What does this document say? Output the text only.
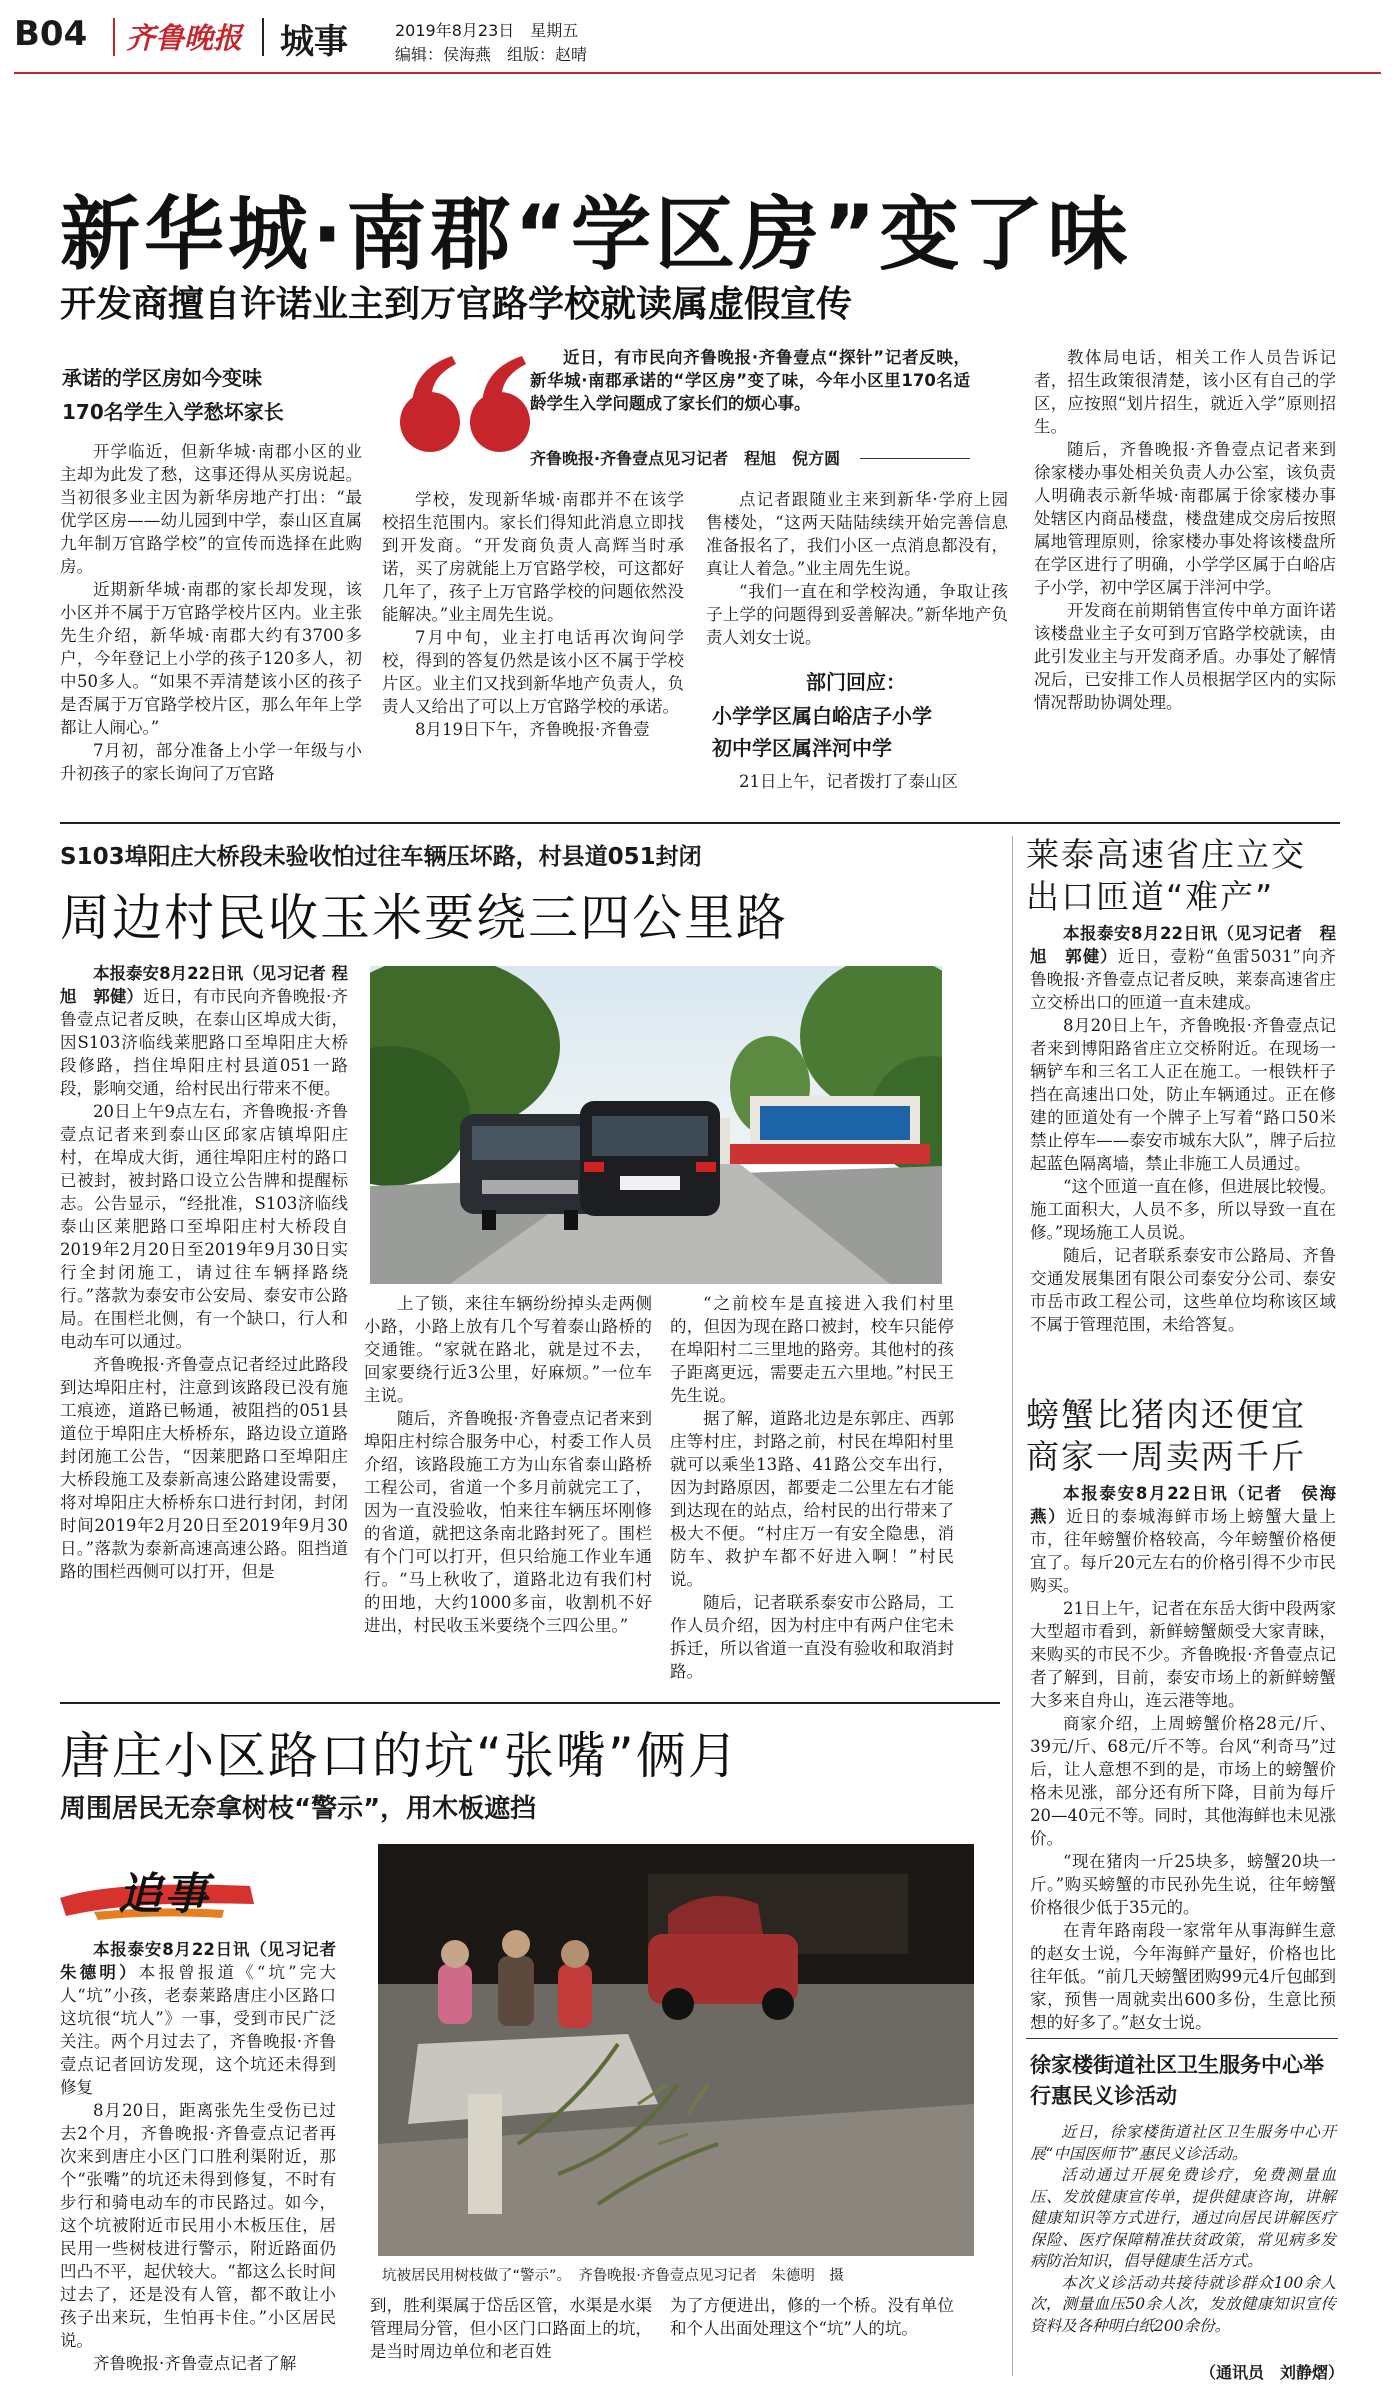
B04 齐鲁晚报 城事	2019年8月23日　星期五
编辑：侯海燕　组版：赵晴
新华城·南郡“学区房”变了味
开发商擅自许诺业主到万官路学校就读属虚假宣传
承诺的学区房如今变味
170名学生入学愁坏家长
近日，有市民向齐鲁晚报·齐鲁壹点“探针”记者反映，新华城·南郡承诺的“学区房”变了味，今年小区里170名适龄学生入学问题成了家长们的烦心事。
齐鲁晚报·齐鲁壹点见习记者　程旭　倪方圆

开学临近，但新华城·南郡小区的业主却为此发了愁，这事还得从买房说起。当初很多业主因为新华房地产打出：“最优学区房——幼儿园到中学，泰山区直属九年制万官路学校”的宣传而选择在此购房。

近期新华城·南郡的家长却发现，该小区并不属于万官路学校片区内。业主张先生介绍，新华城·南郡大约有3700多户，今年登记上小学的孩子120多人，初中50多人。“如果不弄清楚该小区的孩子是否属于万官路学校片区，那么年年上学都让人闹心。”

7月初，部分准备上小学一年级与小升初孩子的家长询问了万官路

学校，发现新华城·南郡并不在该学校招生范围内。家长们得知此消息立即找到开发商。“开发商负责人高辉当时承诺，买了房就能上万官路学校，可这都好几年了，孩子上万官路学校的问题依然没能解决。”业主周先生说。

7月中旬，业主打电话再次询问学校，得到的答复仍然是该小区不属于学校片区。业主们又找到新华地产负责人，负责人又给出了可以上万官路学校的承诺。

8月19日下午，齐鲁晚报·齐鲁壹

点记者跟随业主来到新华·学府上园售楼处，“这两天陆陆续续开始完善信息准备报名了，我们小区一点消息都没有，真让人着急。”业主周先生说。

“我们一直在和学校沟通，争取让孩子上学的问题得到妥善解决。”新华地产负责人刘女士说。

部门回应：
小学学区属白峪店子小学
初中学区属泮河中学

21日上午，记者拨打了泰山区

教体局电话，相关工作人员告诉记者，招生政策很清楚，该小区有自己的学区，应按照“划片招生，就近入学”原则招生。

随后，齐鲁晚报·齐鲁壹点记者来到徐家楼办事处相关负责人办公室，该负责人明确表示新华城·南郡属于徐家楼办事处辖区内商品楼盘，楼盘建成交房后按照属地管理原则，徐家楼办事处将该楼盘所在学区进行了明确，小学学区属于白峪店子小学，初中学区属于泮河中学。

开发商在前期销售宣传中单方面许诺该楼盘业主子女可到万官路学校就读，由此引发业主与开发商矛盾。办事处了解情况后，已安排工作人员根据学区内的实际情况帮助协调处理。

S103埠阳庄大桥段未验收怕过往车辆压坏路，村县道051封闭
周边村民收玉米要绕三四公里路

本报泰安8月22日讯（见习记者 程旭　郭健）近日，有市民向齐鲁晚报·齐鲁壹点记者反映，在泰山区埠成大街，因S103济临线莱肥路口至埠阳庄大桥段修路，挡住埠阳庄村县道051一路段，影响交通，给村民出行带来不便。

20日上午9点左右，齐鲁晚报·齐鲁壹点记者来到泰山区邱家店镇埠阳庄村，在埠成大街，通往埠阳庄村的路口已被封，被封路口设立公告牌和提醒标志。公告显示，“经批准，S103济临线泰山区莱肥路口至埠阳庄村大桥段自2019年2月20日至2019年9月30日实行全封闭施工，请过往车辆择路绕行。”落款为泰安市公安局、泰安市公路局。在围栏北侧，有一个缺口，行人和电动车可以通过。

齐鲁晚报·齐鲁壹点记者经过此路段到达埠阳庄村，注意到该路段已没有施工痕迹，道路已畅通，被阻挡的051县道位于埠阳庄大桥桥东，路边设立道路封闭施工公告，“因莱肥路口至埠阳庄大桥段施工及泰新高速公路建设需要，将对埠阳庄大桥桥东口进行封闭，封闭时间2019年2月20日至2019年9月30日。”落款为泰新高速高速公路。阻挡道路的围栏西侧可以打开，但是

上了锁，来往车辆纷纷掉头走两侧小路，小路上放有几个写着泰山路桥的交通锥。“家就在路北，就是过不去，回家要绕行近3公里，好麻烦。”一位车主说。

随后，齐鲁晚报·齐鲁壹点记者来到埠阳庄村综合服务中心，村委工作人员介绍，该路段施工方为山东省泰山路桥工程公司，省道一个多月前就完工了，因为一直没验收，怕来往车辆压坏刚修的省道，就把这条南北路封死了。围栏有个门可以打开，但只给施工作业车通行。“马上秋收了，道路北边有我们村的田地，大约1000多亩，收割机不好进出，村民收玉米要绕个三四公里。”

“之前校车是直接进入我们村里的，但因为现在路口被封，校车只能停在埠阳村二三里地的路旁。其他村的孩子距离更远，需要走五六里地。”村民王先生说。

据了解，道路北边是东郭庄、西郭庄等村庄，封路之前，村民在埠阳村里就可以乘坐13路、41路公交车出行，因为封路原因，都要走二公里左右才能到达现在的站点，给村民的出行带来了极大不便。“村庄万一有安全隐患，消防车、救护车都不好进入啊！”村民说。

随后，记者联系泰安市公路局，工作人员介绍，因为村庄中有两户住宅未拆迁，所以省道一直没有验收和取消封路。

莱泰高速省庄立交出口匝道“难产”

本报泰安8月22日讯（见习记者　程旭　郭健）近日，壹粉“鱼雷5031”向齐鲁晚报·齐鲁壹点记者反映，莱泰高速省庄立交桥出口的匝道一直未建成。

8月20日上午，齐鲁晚报·齐鲁壹点记者来到博阳路省庄立交桥附近。在现场一辆铲车和三名工人正在施工。一根铁杆子挡在高速出口处，防止车辆通过。正在修建的匝道处有一个牌子上写着“路口50米禁止停车——泰安市城东大队”，牌子后拉起蓝色隔离墙，禁止非施工人员通过。

“这个匝道一直在修，但进展比较慢。施工面积大，人员不多，所以导致一直在修。”现场施工人员说。

随后，记者联系泰安市公路局、齐鲁交通发展集团有限公司泰安分公司、泰安市岳市政工程公司，这些单位均称该区域不属于管理范围，未给答复。

螃蟹比猪肉还便宜商家一周卖两千斤

本报泰安8月22日讯（记者　侯海燕）近日的泰城海鲜市场上螃蟹大量上市，往年螃蟹价格较高，今年螃蟹价格便宜了。每斤20元左右的价格引得不少市民购买。

21日上午，记者在东岳大街中段两家大型超市看到，新鲜螃蟹颇受大家青睐，来购买的市民不少。齐鲁晚报·齐鲁壹点记者了解到，目前，泰安市场上的新鲜螃蟹大多来自舟山，连云港等地。

商家介绍，上周螃蟹价格28元/斤、39元/斤、68元/斤不等。台风“利奇马”过后，让人意想不到的是，市场上的螃蟹价格未见涨，部分还有所下降，目前为每斤20—40元不等。同时，其他海鲜也未见涨价。

“现在猪肉一斤25块多，螃蟹20块一斤。”购买螃蟹的市民孙先生说，往年螃蟹价格很少低于35元的。

在青年路南段一家常年从事海鲜生意的赵女士说，今年海鲜产量好，价格也比往年低。“前几天螃蟹团购99元4斤包邮到家，预售一周就卖出600多份，生意比预想的好多了。”赵女士说。

徐家楼街道社区卫生服务中心举行惠民义诊活动

近日，徐家楼街道社区卫生服务中心开展“中国医师节”惠民义诊活动。

活动通过开展免费诊疗，免费测量血压、发放健康宣传单，提供健康咨询，讲解健康知识等方式进行，通过向居民讲解医疗保险、医疗保障精准扶贫政策，常见病多发病防治知识，倡导健康生活方式。

本次义诊活动共接待就诊群众100余人次，测量血压50余人次，发放健康知识宣传资料及各种明白纸200余份。

（通讯员　刘静熠）
唐庄小区路口的坑“张嘴”俩月
周围居民无奈拿树枝“警示”，用木板遮挡
追事

本报泰安8月22日讯（见习记者 朱德明）本报曾报道《“坑”完大人“坑”小孩，老泰莱路唐庄小区路口这坑很“坑人”》一事，受到市民广泛关注。两个月过去了，齐鲁晚报·齐鲁壹点记者回访发现，这个坑还未得到修复

8月20日，距离张先生受伤已过去2个月，齐鲁晚报·齐鲁壹点记者再次来到唐庄小区门口胜利渠附近，那个“张嘴”的坑还未得到修复，不时有步行和骑电动车的市民路过。如今，这个坑被附近市民用小木板压住，居民用一些树枝进行警示，附近路面仍凹凸不平，起伏较大。“都这么长时间过去了，还是没有人管，都不敢让小孩子出来玩，生怕再卡住。”小区居民说。

齐鲁晚报·齐鲁壹点记者了解

坑被居民用树枝做了“警示”。　齐鲁晚报·齐鲁壹点见习记者　朱德明　摄

到，胜利渠属于岱岳区管，水渠是水渠管理局分管，但小区门口路面上的坑，是当时周边单位和老百姓

为了方便进出，修的一个桥。没有单位和个人出面处理这个“坑”人的坑。
